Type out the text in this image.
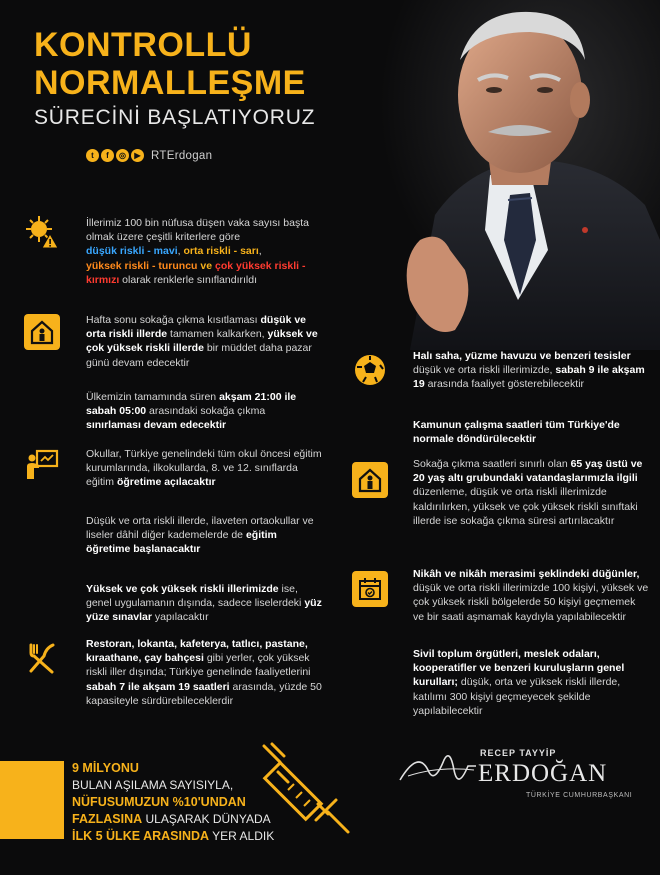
KONTROLLÜ
NORMALLEŞME
SÜRECİNİ BAŞLATIYORUZ
t	f	◎	▶ RTErdogan
İllerimiz 100 bin nüfusa düşen vaka sayısı başta olmak üzere çeşitli kriterlere göre
düşük riskli - mavi, orta riskli - sarı,
yüksek riskli - turuncu ve çok yüksek riskli - kırmızı olarak renklerle sınıflandırıldı
Hafta sonu sokağa çıkma kısıtlaması düşük ve orta riskli illerde tamamen kalkarken, yüksek ve çok yüksek riskli illerde bir müddet daha pazar günü devam edecektir
Ülkemizin tamamında süren akşam 21:00 ile sabah 05:00 arasındaki sokağa çıkma sınırlaması devam edecektir
Okullar, Türkiye genelindeki tüm okul öncesi eğitim kurumlarında, ilkokullarda, 8. ve 12. sınıflarda eğitim öğretime açılacaktır
Düşük ve orta riskli illerde, ilaveten ortaokullar ve liseler dâhil diğer kademelerde de eğitim öğretime başlanacaktır
Yüksek ve çok yüksek riskli illerimizde ise, genel uygulamanın dışında, sadece liselerdeki yüz yüze sınavlar yapılacaktır
Restoran, lokanta, kafeterya, tatlıcı, pastane, kıraathane, çay bahçesi gibi yerler, çok yüksek riskli iller dışında; Türkiye genelinde faaliyetlerini sabah 7 ile akşam 19 saatleri arasında, yüzde 50 kapasiteyle sürdürebileceklerdir
Halı saha, yüzme havuzu ve benzeri tesisler düşük ve orta riskli illerimizde, sabah 9 ile akşam 19 arasında faaliyet gösterebilecektir
Kamunun çalışma saatleri tüm Türkiye'de normale döndürülecektir
Sokağa çıkma saatleri sınırlı olan 65 yaş üstü ve 20 yaş altı grubundaki vatandaşlarımızla ilgili düzenleme, düşük ve orta riskli illerimizde kaldırılırken, yüksek ve çok yüksek riskli sınıftaki illerde ise sokağa çıkma süresi artırılacaktır
Nikâh ve nikâh merasimi şeklindeki düğünler, düşük ve orta riskli illerimizde 100 kişiyi, yüksek ve çok yüksek riskli bölgelerde 50 kişiyi geçmemek ve bir saati aşmamak kaydıyla yapılabilecektir
Sivil toplum örgütleri, meslek odaları, kooperatifler ve benzeri kuruluşların genel kurulları; düşük, orta ve yüksek riskli illerde, katılımı 300 kişiyi geçmeyecek şekilde yapılabilecektir
9 MİLYONU
BULAN AŞILAMA SAYISIYLA,
NÜFUSUMUZUN %10'UNDAN
FAZLASINA ULAŞARAK DÜNYADA
İLK 5 ÜLKE ARASINDA YER ALDIK
RECEP TAYYİP
ERDOĞAN
TÜRKİYE CUMHURBAŞKANI
